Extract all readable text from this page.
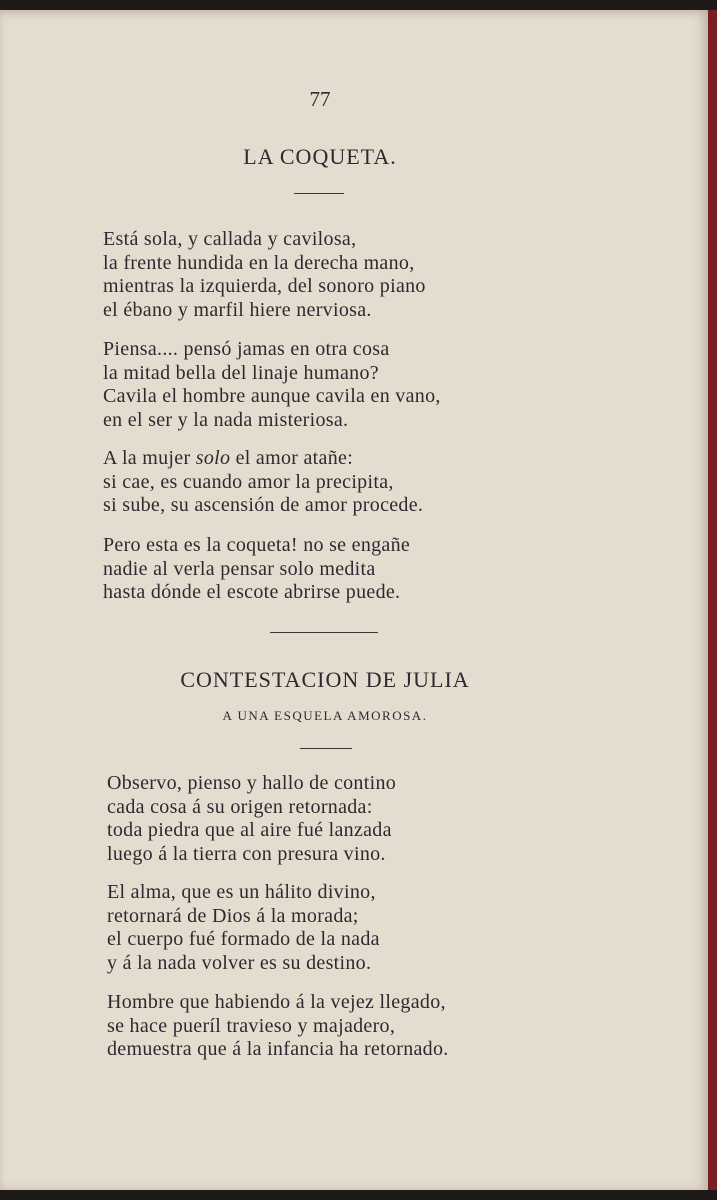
77
LA COQUETA.
Está sola, y callada y cavilosa,
la frente hundida en la derecha mano,
mientras la izquierda, del sonoro piano
el ébano y marfil hiere nerviosa.
Piensa.... pensó jamas en otra cosa
la mitad bella del linaje humano?
Cavila el hombre aunque cavila en vano,
en el ser y la nada misteriosa.
A la mujer solo el amor atañe:
si cae, es cuando amor la precipita,
si sube, su ascensión de amor procede.
Pero esta es la coqueta! no se engañe
nadie al verla pensar solo medita
hasta dónde el escote abrirse puede.
CONTESTACION DE JULIA
A UNA ESQUELA AMOROSA.
Observo, pienso y hallo de contino
cada cosa á su origen retornada:
toda piedra que al aire fué lanzada
luego á la tierra con presura vino.
El alma, que es un hálito divino,
retornará de Dios á la morada;
el cuerpo fué formado de la nada
y á la nada volver es su destino.
Hombre que habiendo á la vejez llegado,
se hace pueríl travieso y majadero,
demuestra que á la infancia ha retornado.
